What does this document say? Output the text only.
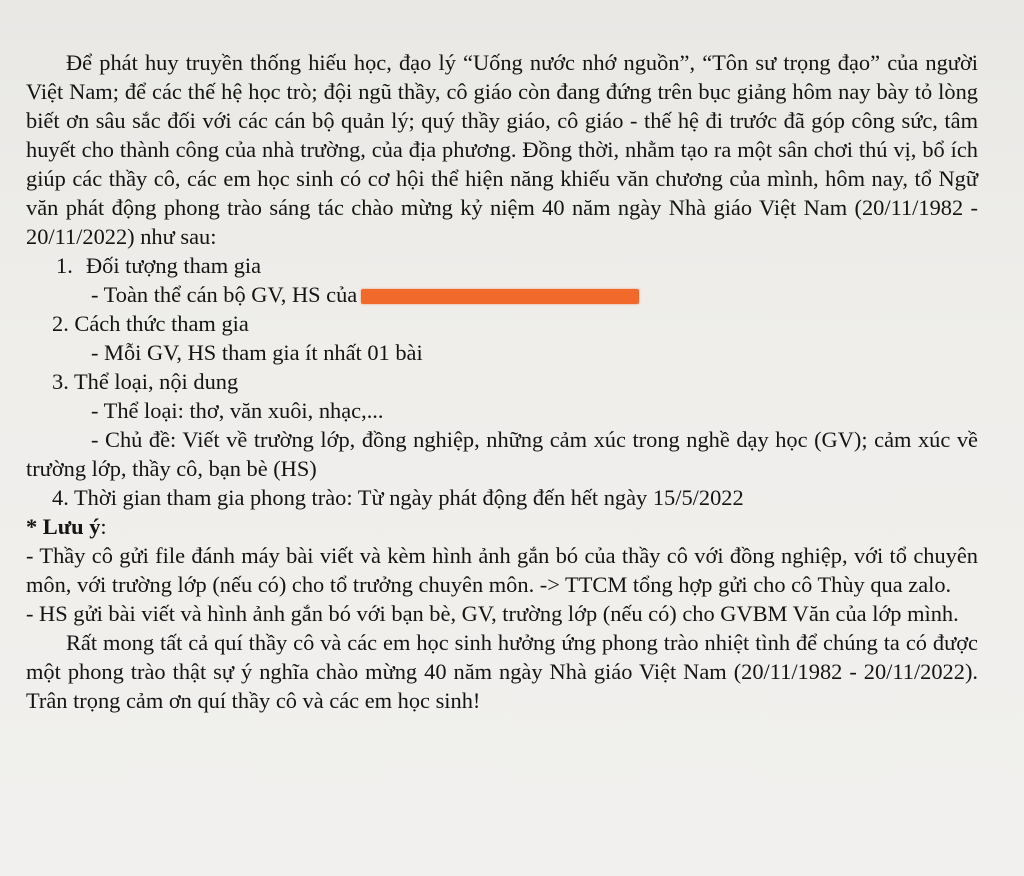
Để phát huy truyền thống hiếu học, đạo lý “Uống nước nhớ nguồn”, “Tôn sư trọng đạo” của người Việt Nam; để các thế hệ học trò; đội ngũ thầy, cô giáo còn đang đứng trên bục giảng hôm nay bày tỏ lòng biết ơn sâu sắc đối với các cán bộ quản lý; quý thầy giáo, cô giáo - thế hệ đi trước đã góp công sức, tâm huyết cho thành công của nhà trường, của địa phương. Đồng thời, nhằm tạo ra một sân chơi thú vị, bổ ích giúp các thầy cô, các em học sinh có cơ hội thể hiện năng khiếu văn chương của mình, hôm nay, tổ Ngữ văn phát động phong trào sáng tác chào mừng kỷ niệm 40 năm ngày Nhà giáo Việt Nam (20/11/1982 - 20/11/2022) như sau:

1. Đối tượng tham gia

- Toàn thể cán bộ GV, HS của

2. Cách thức tham gia

- Mỗi GV, HS tham gia ít nhất 01 bài

3. Thể loại, nội dung

- Thể loại: thơ, văn xuôi, nhạc,...

- Chủ đề: Viết về trường lớp, đồng nghiệp, những cảm xúc trong nghề dạy học (GV); cảm xúc về trường lớp, thầy cô, bạn bè (HS)

4. Thời gian tham gia phong trào: Từ ngày phát động đến hết ngày 15/5/2022

* Lưu ý:

- Thầy cô gửi file đánh máy bài viết và kèm hình ảnh gắn bó của thầy cô với đồng nghiệp, với tổ chuyên môn, với trường lớp (nếu có) cho tổ trưởng chuyên môn. -> TTCM tổng hợp gửi cho cô Thùy qua zalo.

- HS gửi bài viết và hình ảnh gắn bó với bạn bè, GV, trường lớp (nếu có) cho GVBM Văn của lớp mình.

Rất mong tất cả quí thầy cô và các em học sinh hưởng ứng phong trào nhiệt tình để chúng ta có được một phong trào thật sự ý nghĩa chào mừng 40 năm ngày Nhà giáo Việt Nam (20/11/1982 - 20/11/2022). Trân trọng cảm ơn quí thầy cô và các em học sinh!
